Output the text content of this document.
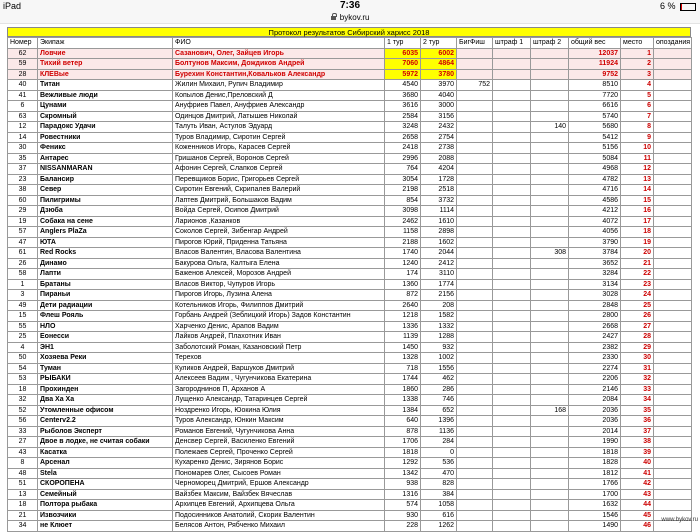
iPad	7:36	6 %
bykov.ru
Протокол результатов Сибирский харисс 2018
Номер	Экипаж	ФИО	1 тур	2 тур	БигФиш	штраф 1	штраф 2	общий вес	место	опоздания
62	Ловчие	Сазанович, Олег, Зайцев Игорь	6035	6002				12037	1	
59	Тихий ветер	Болтунов Максим, Дождиков Андрей	7060	4864				11924	2	
28	КЛЕВые	Бурехин Константин,Ковальков Александр	5972	3780				9752	3	
40	Титан	Жилин Михаил, Рупич Владимир	4540	3970	752			8510	4	
41	Вежливые люди	Копылов Денис,Преловский Д	3680	4040				7720	5	
6	Цунами	Ануфриев Павел, Ануфриев Александр	3616	3000				6616	6	
63	Скромный	Одинцов Дмитрий, Латышев Николай	2584	3156				5740	7	
12	Парадокс Удачи	Талуть Иван, Астулов Эдуард	3248	2432			140	5680	8	
14	Ровестники	Туров Владимир, Сиротин Сергей	2658	2754				5412	9	
30	Феникс	Коженников Игорь, Карасев Сергей	2418	2738				5156	10	
35	Антарес	Гришанов Сергей, Воронов Сергей	2996	2088				5084	11	
37	NISSANMARAN	Афонин Сергей, Слапков Сергей	764	4204				4968	12	
23	Балансир	Перевщиков Борис, Григорьев Сергей	3054	1728				4782	13	
38	Север	Сиротин Евгений, Скрипалев Валерий	2198	2518				4716	14	
60	Пилигримы	Лаптев Дмитрий, Большаков Вадим	854	3732				4586	15	
29	Дзюба	Войда Сергей, Осипов Дмитрий	3098	1114				4212	16	
19	Собака на сене	Ларионов ,Казанков	2462	1610				4072	17	
57	Anglers PlaZa	Соколов Сергей, Зибенгар Андрей	1158	2898				4056	18	
47	ЮТА	Пирогов Юрий, Приденна Татьяна	2188	1602				3790	19	
61	Red Rocks	Власов Валентин, Власова Валентина	1740	2044			308	3784	20	
26	Динамо	Бакурова Ольга, Калтыга Елена	1240	2412				3652	21	
58	Лапти	Баженов Алексей, Морозов Андрей	174	3110				3284	22	
1	Братаны	Власов Виктор, Чупуров Игорь	1360	1774				3134	23	
3	Пираньи	Пирогов Игорь, Лузина Алена	872	2156				3028	24	
49	Дети радиации	Котельников Игорь, Филиппов Дмитрий	2640	208				2848	25	
15	Флеш Рояль	Горбань Андрей (Зеблицкий Игорь) Задов Константин	1218	1582				2800	26	
55	НЛО	Харченко Денис, Арапов Вадим	1336	1332				2668	27	
25	Еонесси	Лайков Андрей, Плахотник Иван	1139	1288				2427	28	
4	ЭН1	Заболотский Роман, Казановский Петр	1450	932				2382	29	
50	Хозяева Реки	Терехов	1328	1002				2330	30	
54	Туман	Куликов Андрей, Варшуков Дмитрий	718	1556				2274	31	
53	РЫБАКИ	Алексеев Вадим , Чугунчикова Екатерина	1744	462				2206	32	
18	Прохинден	Загороднинов П, Арханов А	1860	286				2146	33	
32	Два Ха Ха	Лущенко Александр, Татаринцев Сергей	1338	746				2084	34	
52	Утомленные офисом	Ноздренко Игорь, Юокина Юлия	1384	652			168	2036	35	
56	Centerv2.2	Туров Александр, Юнкин Максим	640	1396				2036	36	
33	Рыболов Эксперт	Романов Евгений, Чугунчикова Анна	878	1136				2014	37	
27	Двое в лодке, не считая собаки	Денсвер Сергей, Василенко Евгений	1706	284				1990	38	
43	Касатка	Полежаев Сергей, Проченко Сергей	1818	0				1818	39	
8	Арсенал	Кухаренко Денис, Зирянов Борис	1292	536				1828	40	
48	Stela	Пономарев Олег, Сысоев Роман	1342	470				1812	41	
51	СКОРОПЕНА	Черноморец Дмитрий, Ершов Александр	938	828				1766	42	
13	Семейный	Вайзбек Максим, Вайзбек Вячеслав	1316	384				1700	43	
18	Полтора рыбака	Архипцев Евгений, Архипцева Ольга	574	1058				1632	44	
21	Извозчики	Подосинников Анатолий, Скорик Валентин	930	616				1546	45	
34	не Клюет	Белясов Антон, Рябченко Михаил	228	1262				1490	46	
www.bykov.ru
